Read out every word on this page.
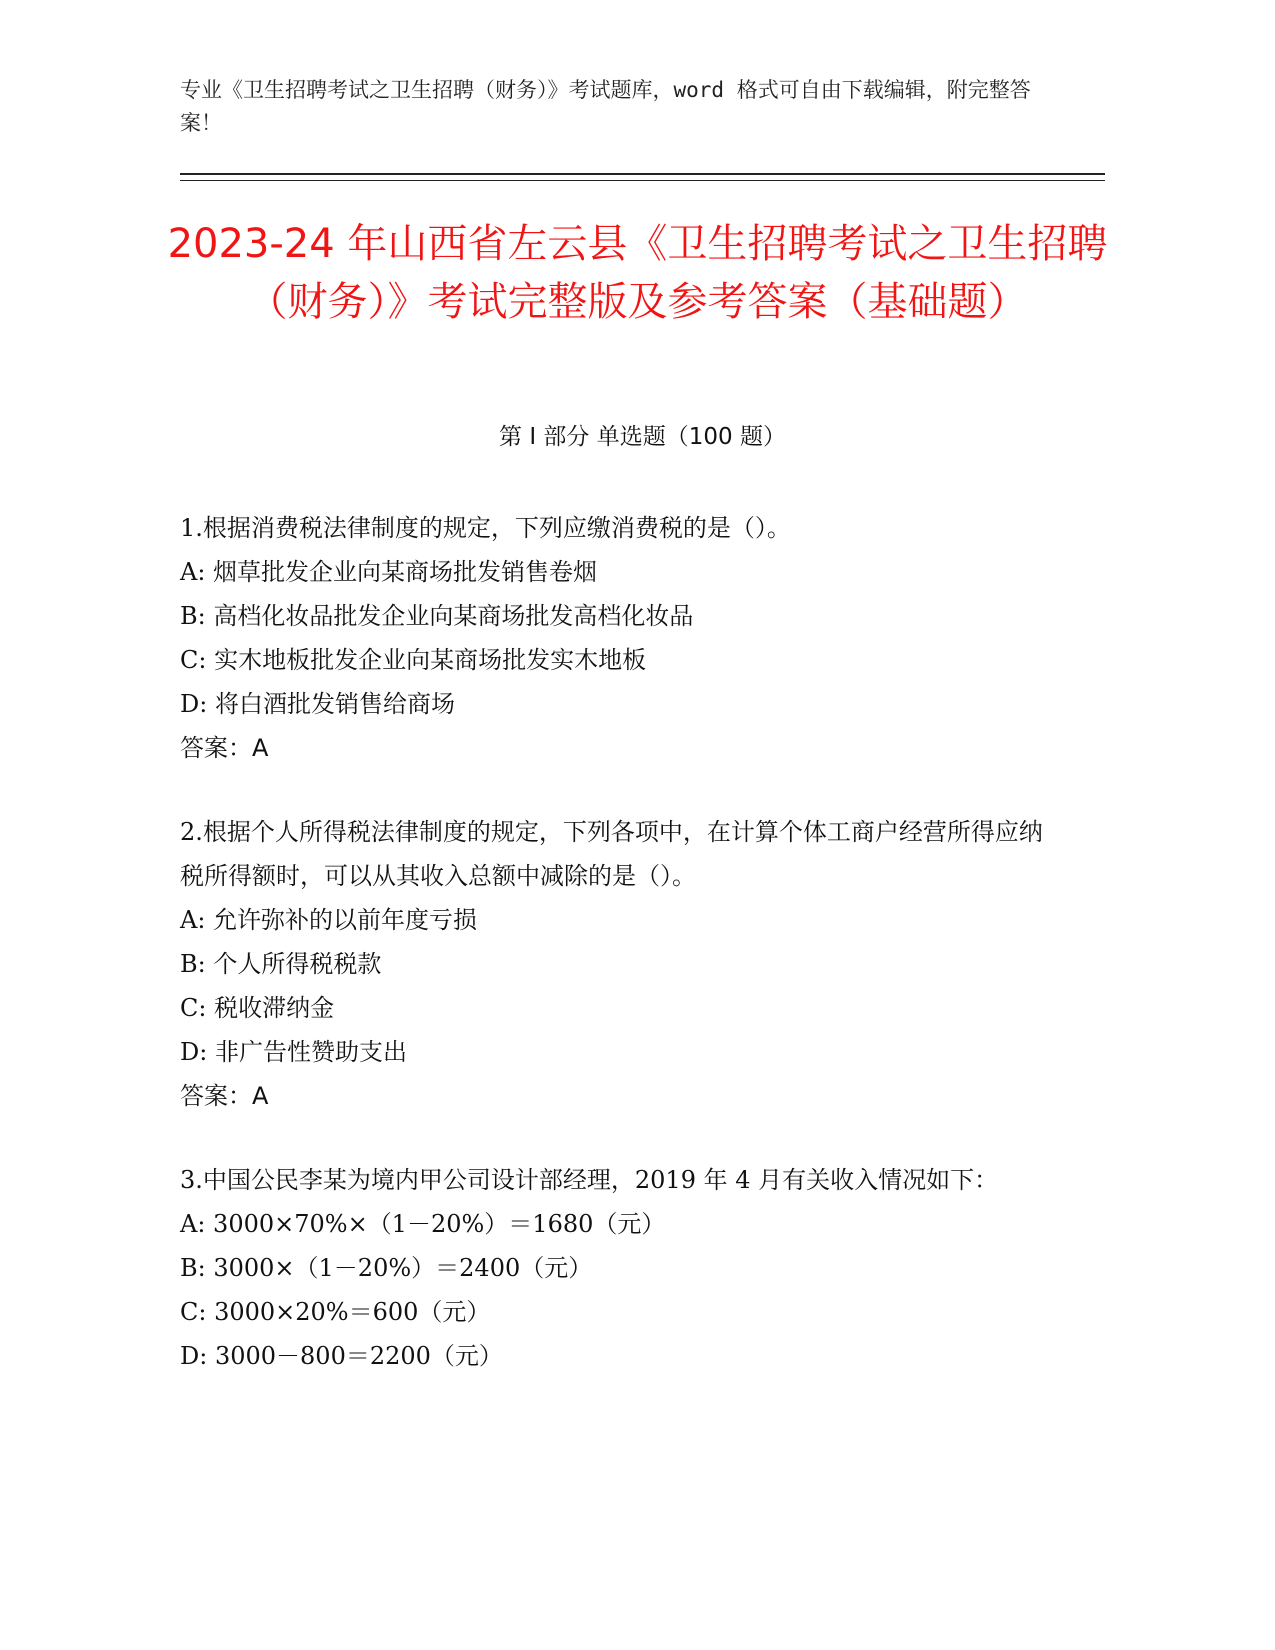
专业《卫生招聘考试之卫生招聘（财务）》考试题库，word 格式可自由下载编辑，附完整答案！
2023-24 年山西省左云县《卫生招聘考试之卫生招聘（财务）》考试完整版及参考答案（基础题）
第 I 部分 单选题（100 题）
1.根据消费税法律制度的规定，下列应缴消费税的是（）。
A: 烟草批发企业向某商场批发销售卷烟
B: 高档化妆品批发企业向某商场批发高档化妆品
C: 实木地板批发企业向某商场批发实木地板
D: 将白酒批发销售给商场
答案：A
2.根据个人所得税法律制度的规定，下列各项中，在计算个体工商户经营所得应纳税所得额时，可以从其收入总额中减除的是（）。
A: 允许弥补的以前年度亏损
B: 个人所得税税款
C: 税收滞纳金
D: 非广告性赞助支出
答案：A
3.中国公民李某为境内甲公司设计部经理，2019 年 4 月有关收入情况如下：
A: 3000×70%×（1－20%）＝1680（元）
B: 3000×（1－20%）＝2400（元）
C: 3000×20%＝600（元）
D: 3000－800＝2200（元）
